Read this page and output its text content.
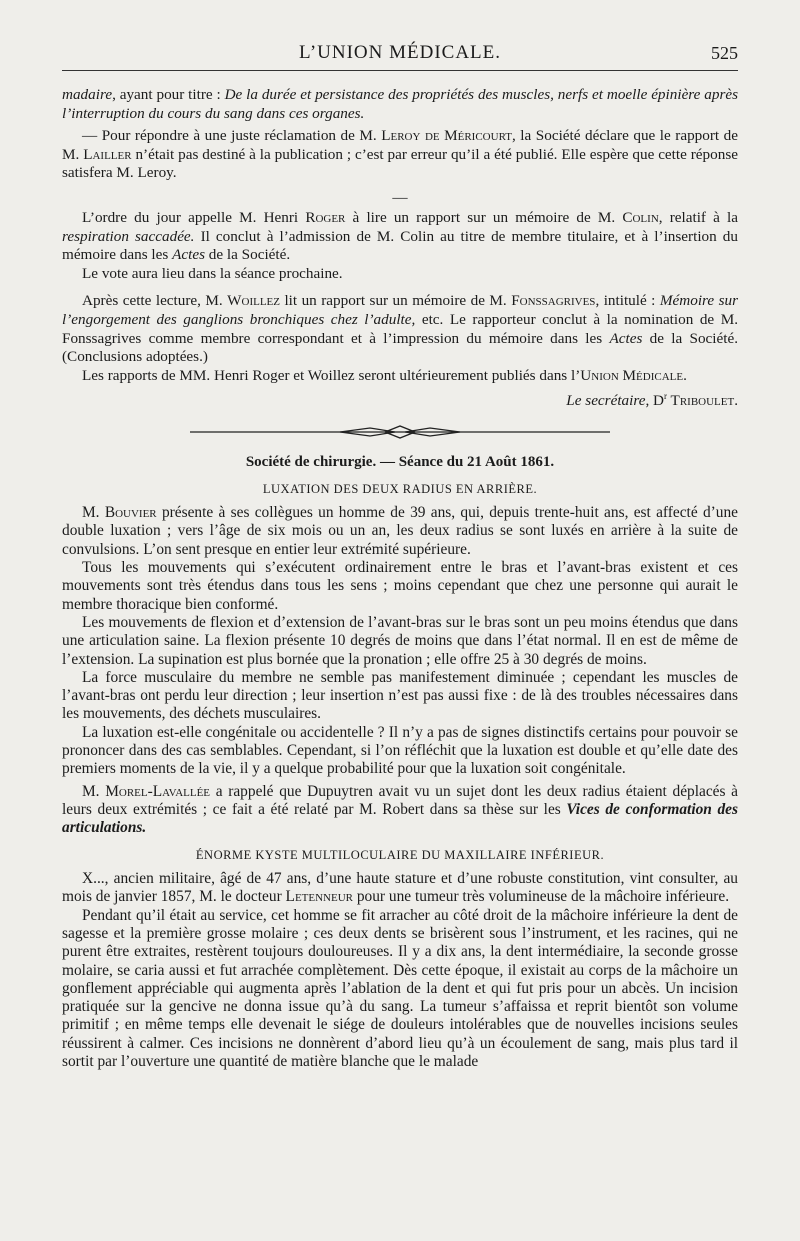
L’UNION MÉDICALE.	525

madaire, ayant pour titre : De la durée et persistance des propriétés des muscles, nerfs et moelle épinière après l’interruption du cours du sang dans ces organes.

— Pour répondre à une juste réclamation de M. Leroy de Méricourt, la Société déclare que le rapport de M. Lailler n’était pas destiné à la publication ; c’est par erreur qu’il a été publié. Elle espère que cette réponse satisfera M. Leroy.

—

L’ordre du jour appelle M. Henri Roger à lire un rapport sur un mémoire de M. Colin, relatif à la respiration saccadée. Il conclut à l’admission de M. Colin au titre de membre titulaire, et à l’insertion du mémoire dans les Actes de la Société.

Le vote aura lieu dans la séance prochaine.

Après cette lecture, M. Woillez lit un rapport sur un mémoire de M. Fonssagrives, intitulé : Mémoire sur l’engorgement des ganglions bronchiques chez l’adulte, etc. Le rapporteur conclut à la nomination de M. Fonssagrives comme membre correspondant et à l’impression du mémoire dans les Actes de la Société. (Conclusions adoptées.)

Les rapports de MM. Henri Roger et Woillez seront ultérieurement publiés dans l’Union Médicale.

Le secrétaire, $D^r$ Triboulet.

Société de chirurgie. — Séance du 21 Août 1861.

LUXATION DES DEUX RADIUS EN ARRIÈRE.

M. Bouvier présente à ses collègues un homme de 39 ans, qui, depuis trente-huit ans, est affecté d’une double luxation ; vers l’âge de six mois ou un an, les deux radius se sont luxés en arrière à la suite de convulsions. L’on sent presque en entier leur extrémité supérieure.

Tous les mouvements qui s’exécutent ordinairement entre le bras et l’avant-bras existent et ces mouvements sont très étendus dans tous les sens ; moins cependant que chez une personne qui aurait le membre thoracique bien conformé.

Les mouvements de flexion et d’extension de l’avant-bras sur le bras sont un peu moins étendus que dans une articulation saine. La flexion présente 10 degrés de moins que dans l’état normal. Il en est de même de l’extension. La supination est plus bornée que la pronation ; elle offre 25 à 30 degrés de moins.

La force musculaire du membre ne semble pas manifestement diminuée ; cependant les muscles de l’avant-bras ont perdu leur direction ; leur insertion n’est pas aussi fixe : de là des troubles nécessaires dans les mouvements, des déchets musculaires.

La luxation est-elle congénitale ou accidentelle ? Il n’y a pas de signes distinctifs certains pour pouvoir se prononcer dans des cas semblables. Cependant, si l’on réfléchit que la luxation est double et qu’elle date des premiers moments de la vie, il y a quelque probabilité pour que la luxation soit congénitale.

M. Morel-Lavallée a rappelé que Dupuytren avait vu un sujet dont les deux radius étaient déplacés à leurs deux extrémités ; ce fait a été relaté par M. Robert dans sa thèse sur les Vices de conformation des articulations.

ÉNORME KYSTE MULTILOCULAIRE DU MAXILLAIRE INFÉRIEUR.

X..., ancien militaire, âgé de 47 ans, d’une haute stature et d’une robuste constitution, vint consulter, au mois de janvier 1857, M. le docteur Letenneur pour une tumeur très volumineuse de la mâchoire inférieure.

Pendant qu’il était au service, cet homme se fit arracher au côté droit de la mâchoire inférieure la dent de sagesse et la première grosse molaire ; ces deux dents se brisèrent sous l’instrument, et les racines, qui ne purent être extraites, restèrent toujours douloureuses. Il y a dix ans, la dent intermédiaire, la seconde grosse molaire, se caria aussi et fut arrachée complètement. Dès cette époque, il existait au corps de la mâchoire un gonflement appréciable qui augmenta après l’ablation de la dent et qui fut pris pour un abcès. Un incision pratiquée sur la gencive ne donna issue qu’à du sang. La tumeur s’affaissa et reprit bientôt son volume primitif ; en même temps elle devenait le siége de douleurs intolérables que de nouvelles incisions seules réussirent à calmer. Ces incisions ne donnèrent d’abord lieu qu’à un écoulement de sang, mais plus tard il sortit par l’ouverture une quantité de matière blanche que le malade
